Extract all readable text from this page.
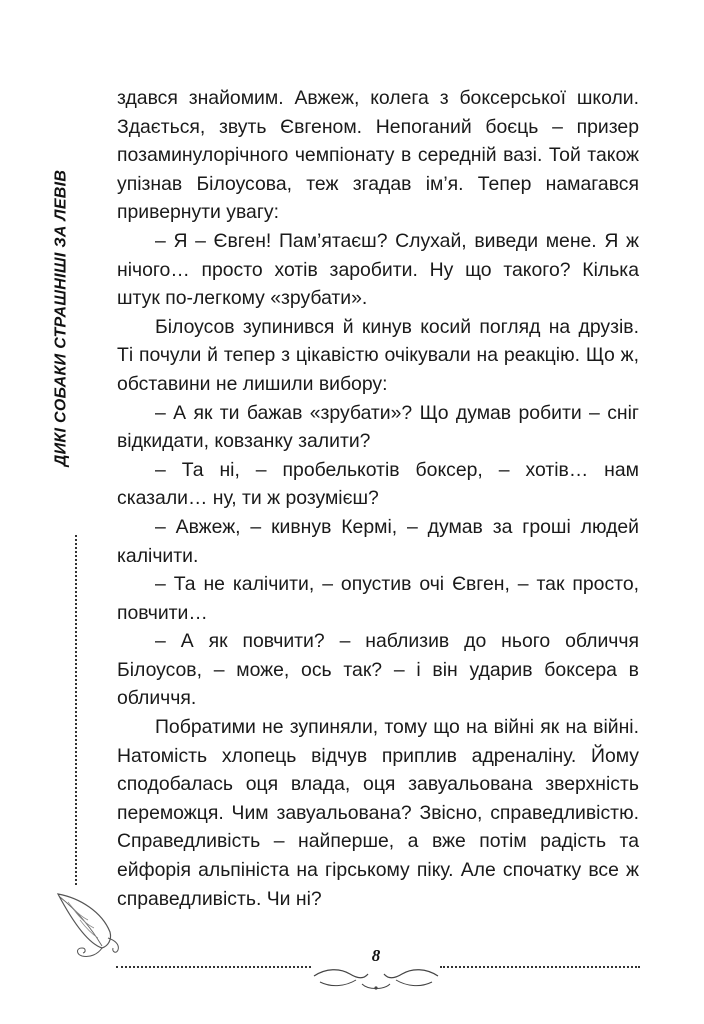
ДИКІ СОБАКИ СТРАШНІШІ ЗА ЛЕВІВ

здався знайомим. Авжеж, колега з боксерської школи. Здається, звуть Євгеном. Непоганий боєць – призер позаминулорічного чемпіонату в середній вазі. Той також упізнав Білоусова, теж згадав ім’я. Тепер намагався привернути увагу:

– Я – Євген! Пам’ятаєш? Слухай, виведи мене. Я ж нічого… просто хотів заробити. Ну що такого? Кілька штук по-легкому «зрубати».

Білоусов зупинився й кинув косий погляд на друзів. Ті почули й тепер з цікавістю очікували на реакцію. Що ж, обставини не лишили вибору:

– А як ти бажав «зрубати»? Що думав робити – сніг відкидати, ковзанку залити?

– Та ні, – пробелькотів боксер, – хотів… нам сказали… ну, ти ж розумієш?

– Авжеж, – кивнув Кермі, – думав за гроші людей калічити.

– Та не калічити, – опустив очі Євген, – так просто, повчити…

– А як повчити? – наблизив до нього обличчя Білоусов, – може, ось так? – і він ударив боксера в обличчя.

Побратими не зупиняли, тому що на війні як на війні. Натомість хлопець відчув приплив адреналіну. Йому сподобалась оця влада, оця завуальована зверхність переможця. Чим завуальована? Звісно, справедливістю. Справедливість – найперше, а вже потім радість та ейфорія альпініста на гірському піку. Але спочатку все ж справедливість. Чи ні?

8
